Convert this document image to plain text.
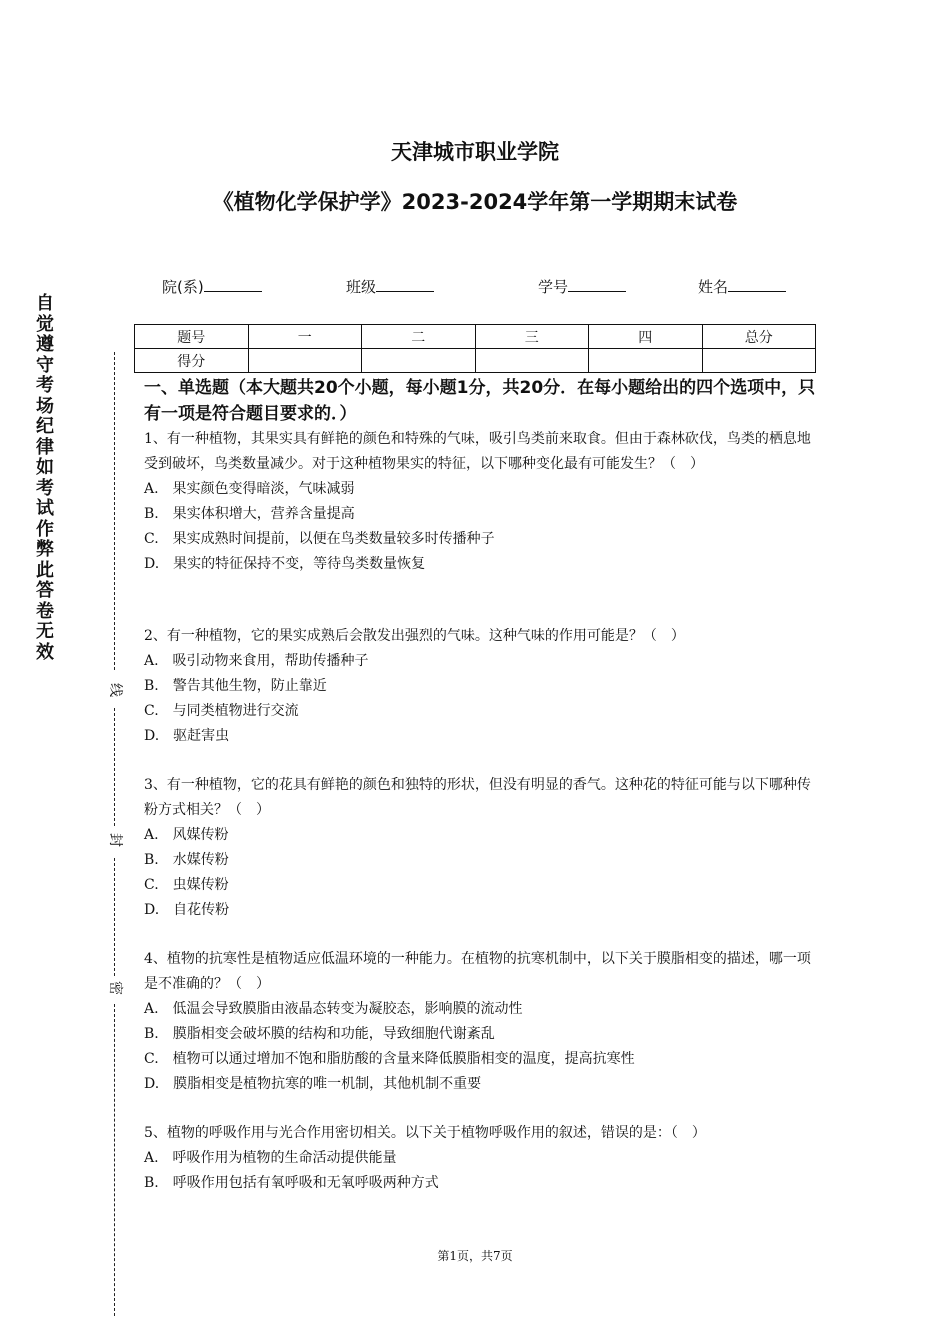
天津城市职业学院
《植物化学保护学》2023-2024学年第一学期期末试卷
院(系)	班级	学号	姓名
题号	一	二	三	四	总分
得分					
自
觉
遵
守
考
场
纪
律
如
考
试
作
弊
此
答
卷
无
效
线
封
密
一、单选题（本大题共20个小题，每小题1分，共20分．在每小题给出的四个选项中，只有一项是符合题目要求的．）

1、有一种植物，其果实具有鲜艳的颜色和特殊的气味，吸引鸟类前来取食。但由于森林砍伐，鸟类的栖息地受到破坏，鸟类数量减少。对于这种植物果实的特征，以下哪种变化最有可能发生？（　）

A.　果实颜色变得暗淡，气味减弱

B.　果实体积增大，营养含量提高

C.　果实成熟时间提前，以便在鸟类数量较多时传播种子

D.　果实的特征保持不变，等待鸟类数量恢复

2、有一种植物，它的果实成熟后会散发出强烈的气味。这种气味的作用可能是？（　）

A.　吸引动物来食用，帮助传播种子

B.　警告其他生物，防止靠近

C.　与同类植物进行交流

D.　驱赶害虫

3、有一种植物，它的花具有鲜艳的颜色和独特的形状，但没有明显的香气。这种花的特征可能与以下哪种传粉方式相关？（　）

A.　风媒传粉

B.　水媒传粉

C.　虫媒传粉

D.　自花传粉

4、植物的抗寒性是植物适应低温环境的一种能力。在植物的抗寒机制中，以下关于膜脂相变的描述，哪一项是不准确的？（　）

A.　低温会导致膜脂由液晶态转变为凝胶态，影响膜的流动性

B.　膜脂相变会破坏膜的结构和功能，导致细胞代谢紊乱

C.　植物可以通过增加不饱和脂肪酸的含量来降低膜脂相变的温度，提高抗寒性

D.　膜脂相变是植物抗寒的唯一机制，其他机制不重要

5、植物的呼吸作用与光合作用密切相关。以下关于植物呼吸作用的叙述，错误的是：（　）

A.　呼吸作用为植物的生命活动提供能量

B.　呼吸作用包括有氧呼吸和无氧呼吸两种方式

第1页，共7页
